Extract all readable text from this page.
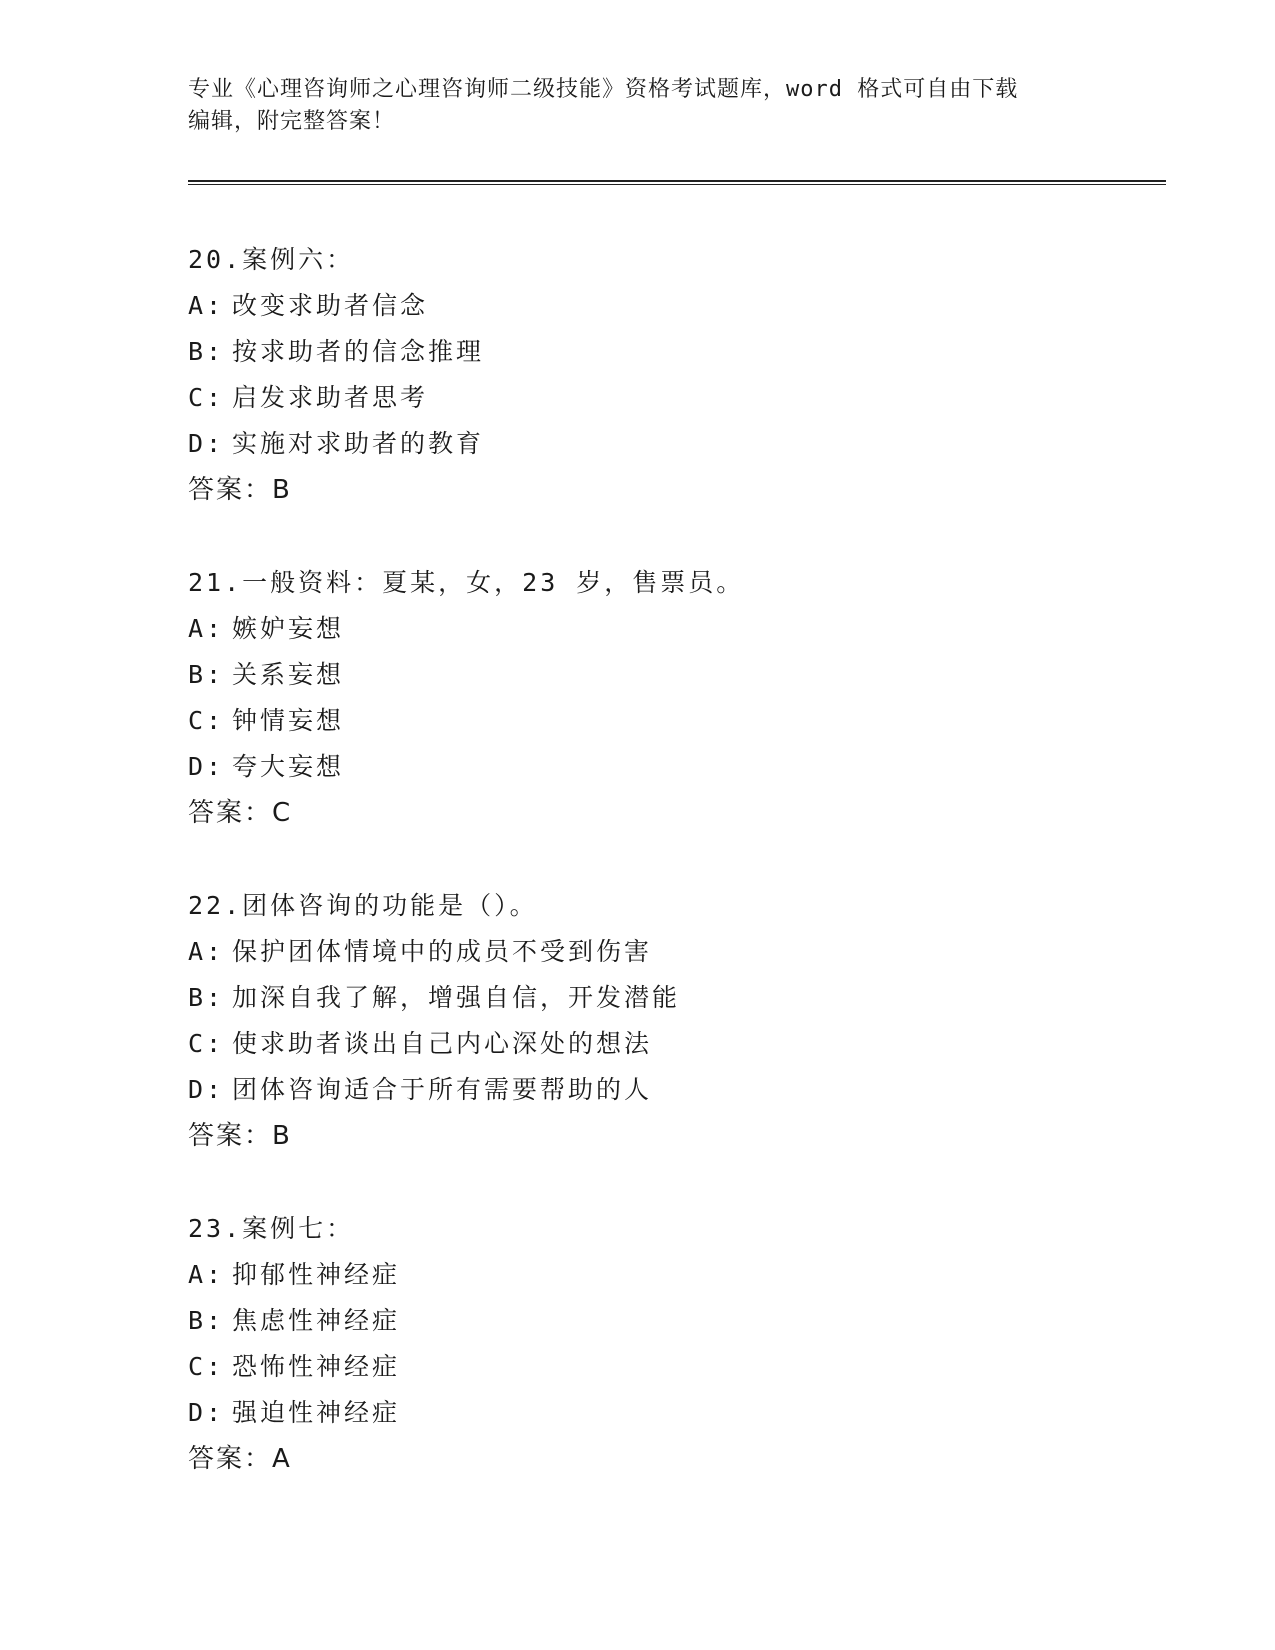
专业《心理咨询师之心理咨询师二级技能》资格考试题库，word 格式可自由下载
编辑，附完整答案！
20.案例六：
A: 改变求助者信念
B: 按求助者的信念推理
C: 启发求助者思考
D: 实施对求助者的教育
答案：B
21.一般资料：夏某，女，23 岁，售票员。
A: 嫉妒妄想
B: 关系妄想
C: 钟情妄想
D: 夸大妄想
答案：C
22.团体咨询的功能是（）。
A: 保护团体情境中的成员不受到伤害
B: 加深自我了解，增强自信，开发潜能
C: 使求助者谈出自己内心深处的想法
D: 团体咨询适合于所有需要帮助的人
答案：B
23.案例七：
A: 抑郁性神经症
B: 焦虑性神经症
C: 恐怖性神经症
D: 强迫性神经症
答案：A
